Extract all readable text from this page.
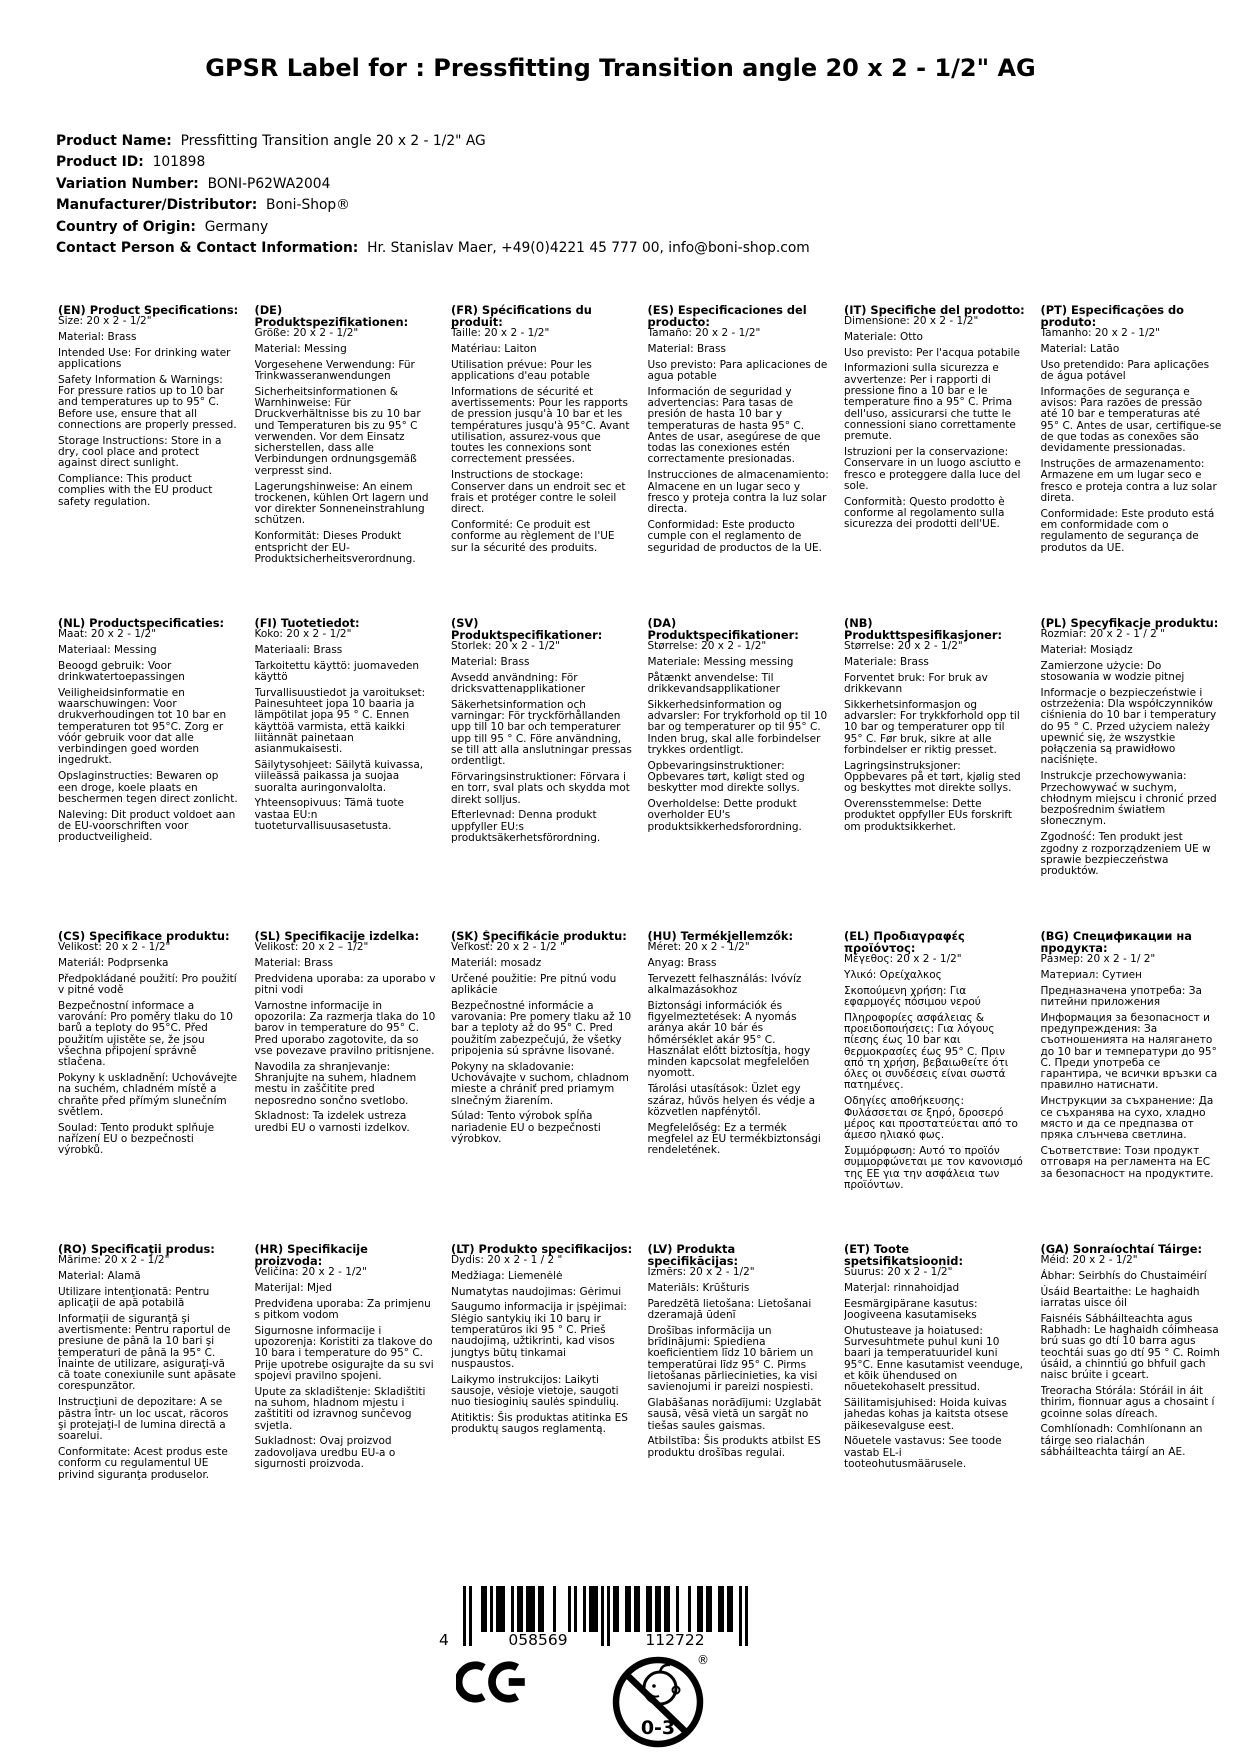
GPSR Label for : Pressfitting Transition angle 20 x 2 - 1/2" AG
Product Name: Pressfitting Transition angle 20 x 2 - 1/2" AG
Product ID: 101898
Variation Number: BONI-P62WA2004
Manufacturer/Distributor: Boni-Shop®
Country of Origin: Germany
Contact Person & Contact Information: Hr. Stanislav Maer, +49(0)4221 45 777 00, info@boni-shop.com
(EN) Product Specifications:

Size: 20 x 2 - 1/2"

Material: Brass

Intended Use: For drinking water applications

Safety Information & Warnings: For pressure ratios up to 10 bar and temperatures up to 95° C. Before use, ensure that all connections are properly pressed.

Storage Instructions: Store in a dry, cool place and protect against direct sunlight.

Compliance: This product complies with the EU product safety regulation.

(DE) Produktspezifikationen:

Größe: 20 x 2 - 1/2"

Material: Messing

Vorgesehene Verwendung: Für Trinkwasseranwendungen

Sicherheitsinformationen & Warnhinweise: Für Druckverhältnisse bis zu 10 bar und Temperaturen bis zu 95° C verwenden. Vor dem Einsatz sicherstellen, dass alle Verbindungen ordnungsgemäß verpresst sind.

Lagerungshinweise: An einem trockenen, kühlen Ort lagern und vor direkter Sonneneinstrahlung schützen.

Konformität: Dieses Produkt entspricht der EU-Produktsicherheitsverordnung.

(FR) Spécifications du produit:

Taille: 20 x 2 - 1/2"

Matériau: Laiton

Utilisation prévue: Pour les applications d'eau potable

Informations de sécurité et avertissements: Pour les rapports de pression jusqu'à 10 bar et les températures jusqu'à 95°C. Avant utilisation, assurez-vous que toutes les connexions sont correctement pressées.

Instructions de stockage: Conserver dans un endroit sec et frais et protéger contre le soleil direct.

Conformité: Ce produit est conforme au règlement de l'UE sur la sécurité des produits.

(ES) Especificaciones del producto:

Tamaño: 20 x 2 - 1/2"

Material: Brass

Uso previsto: Para aplicaciones de agua potable

Información de seguridad y advertencias: Para tasas de presión de hasta 10 bar y temperaturas de hasta 95° C. Antes de usar, asegúrese de que todas las conexiones estén correctamente presionadas.

Instrucciones de almacenamiento: Almacene en un lugar seco y fresco y proteja contra la luz solar directa.

Conformidad: Este producto cumple con el reglamento de seguridad de productos de la UE.

(IT) Specifiche del prodotto:

Dimensione: 20 x 2 - 1/2"

Materiale: Otto

Uso previsto: Per l'acqua potabile

Informazioni sulla sicurezza e avvertenze: Per i rapporti di pressione fino a 10 bar e le temperature fino a 95° C. Prima dell'uso, assicurarsi che tutte le connessioni siano correttamente premute.

Istruzioni per la conservazione: Conservare in un luogo asciutto e fresco e proteggere dalla luce del sole.

Conformità: Questo prodotto è conforme al regolamento sulla sicurezza dei prodotti dell'UE.

(PT) Especificações do produto:

Tamanho: 20 x 2 - 1/2"

Material: Latão

Uso pretendido: Para aplicações de água potável

Informações de segurança e avisos: Para razões de pressão até 10 bar e temperaturas até 95° C. Antes de usar, certifique-se de que todas as conexões são devidamente pressionadas.

Instruções de armazenamento: Armazene em um lugar seco e fresco e proteja contra a luz solar direta.

Conformidade: Este produto está em conformidade com o regulamento de segurança de produtos da UE.

(NL) Productspecificaties:

Maat: 20 x 2 - 1/2"

Materiaal: Messing

Beoogd gebruik: Voor drinkwatertoepassingen

Veiligheidsinformatie en waarschuwingen: Voor drukverhoudingen tot 10 bar en temperaturen tot 95°C. Zorg er vóór gebruik voor dat alle verbindingen goed worden ingedrukt.

Opslaginstructies: Bewaren op een droge, koele plaats en beschermen tegen direct zonlicht.

Naleving: Dit product voldoet aan de EU-voorschriften voor productveiligheid.

(FI) Tuotetiedot:

Koko: 20 x 2 - 1/2"

Materiaali: Brass

Tarkoitettu käyttö: juomaveden käyttö

Turvallisuustiedot ja varoitukset: Painesuhteet jopa 10 baaria ja lämpötilat jopa 95 ° C. Ennen käyttöä varmista, että kaikki liitännät painetaan asianmukaisesti.

Säilytysohjeet: Säilytä kuivassa, viileässä paikassa ja suojaa suoralta auringonvalolta.

Yhteensopivuus: Tämä tuote vastaa EU:n tuoteturvallisuusasetusta.

(SV) Produktspecifikationer:

Storlek: 20 x 2 - 1/2"

Material: Brass

Avsedd användning: För dricksvattenapplikationer

Säkerhetsinformation och varningar: För tryckförhållanden upp till 10 bar och temperaturer upp till 95 ° C. Före användning, se till att alla anslutningar pressas ordentligt.

Förvaringsinstruktioner: Förvara i en torr, sval plats och skydda mot direkt solljus.

Efterlevnad: Denna produkt uppfyller EU:s produktsäkerhetsförordning.

(DA) Produktspecifikationer:

Størrelse: 20 x 2 - 1/2"

Materiale: Messing messing

Påtænkt anvendelse: Til drikkevandsapplikationer

Sikkerhedsinformation og advarsler: For trykforhold op til 10 bar og temperaturer op til 95° C. Inden brug, skal alle forbindelser trykkes ordentligt.

Opbevaringsinstruktioner: Opbevares tørt, køligt sted og beskytter mod direkte sollys.

Overholdelse: Dette produkt overholder EU's produktsikkerhedsforordning.

(NB) Produkttspesifikasjoner:

Størrelse: 20 x 2 - 1/2"

Materiale: Brass

Forventet bruk: For bruk av drikkevann

Sikkerhetsinformasjon og advarsler: For trykkforhold opp til 10 bar og temperaturer opp til 95° C. Før bruk, sikre at alle forbindelser er riktig presset.

Lagringsinstruksjoner: Oppbevares på et tørt, kjølig sted og beskyttes mot direkte sollys.

Overensstemmelse: Dette produktet oppfyller EUs forskrift om produktsikkerhet.

(PL) Specyfikacje produktu:

Rozmiar: 20 x 2 - 1 / 2 "

Materiał: Mosiądz

Zamierzone użycie: Do stosowania w wodzie pitnej

Informacje o bezpieczeństwie i ostrzeżenia: Dla współczynników ciśnienia do 10 bar i temperatury do 95 ° C. Przed użyciem należy upewnić się, że wszystkie połączenia są prawidłowo naciśnięte.

Instrukcje przechowywania: Przechowywać w suchym, chłodnym miejscu i chronić przed bezpośrednim światłem słonecznym.

Zgodność: Ten produkt jest zgodny z rozporządzeniem UE w sprawie bezpieczeństwa produktów.

(CS) Specifikace produktu:

Velikost: 20 x 2 - 1/2"

Materiál: Podprsenka

Předpokládané použití: Pro použití v pitné vodě

Bezpečnostní informace a varování: Pro poměry tlaku do 10 barů a teploty do 95°C. Před použitím ujistěte se, že jsou všechna připojení správně stlačena.

Pokyny k uskladnění: Uchovávejte na suchém, chladném místě a chraňte před přímým slunečním světlem.

Soulad: Tento produkt splňuje nařízení EU o bezpečnosti výrobků.

(SL) Specifikacije izdelka:

Velikost: 20 x 2 – 1/2"

Material: Brass

Predvidena uporaba: za uporabo v pitni vodi

Varnostne informacije in opozorila: Za razmerja tlaka do 10 barov in temperature do 95° C. Pred uporabo zagotovite, da so vse povezave pravilno pritisnjene.

Navodila za shranjevanje: Shranjujte na suhem, hladnem mestu in zaščitite pred neposredno sončno svetlobo.

Skladnost: Ta izdelek ustreza uredbi EU o varnosti izdelkov.

(SK) Špecifikácie produktu:

Veľkosť: 20 x 2 - 1/2 "

Materiál: mosadz

Určené použitie: Pre pitnú vodu aplikácie

Bezpečnostné informácie a varovania: Pre pomery tlaku až 10 bar a teploty až do 95° C. Pred použitím zabezpečujú, že všetky pripojenia sú správne lisované.

Pokyny na skladovanie: Uchovávajte v suchom, chladnom mieste a chrániť pred priamym slnečným žiarením.

Súlad: Tento výrobok spĺňa nariadenie EU o bezpečnosti výrobkov.

(HU) Termékjellemzők:

Méret: 20 x 2 - 1/2"

Anyag: Brass

Tervezett felhasználás: Ivóvíz alkalmazásokhoz

Biztonsági információk és figyelmeztetések: A nyomás aránya akár 10 bár és hőmérséklet akár 95° C. Használat előtt biztosítja, hogy minden kapcsolat megfelelően nyomott.

Tárolási utasítások: Üzlet egy száraz, hűvös helyen és védje a közvetlen napfénytől.

Megfelelőség: Ez a termék megfelel az EU termékbiztonsági rendeletének.

(EL) Προδιαγραφές προϊόντος:

Μέγεθος: 20 x 2 - 1/2"

Υλικό: Ορείχαλκος

Σκοπούμενη χρήση: Για εφαρμογές πόσιμου νερού

Πληροφορίες ασφάλειας & προειδοποιήσεις: Για λόγους πίεσης έως 10 bar και θερμοκρασίες έως 95° C. Πριν από τη χρήση, βεβαιωθείτε ότι όλες οι συνδέσεις είναι σωστά πατημένες.

Οδηγίες αποθήκευσης: Φυλάσσεται σε ξηρό, δροσερό μέρος και προστατεύεται από το άμεσο ηλιακό φως.

Συμμόρφωση: Αυτό το προϊόν συμμορφώνεται με τον κανονισμό της ΕΕ για την ασφάλεια των προϊόντων.

(BG) Спецификации на продукта:

Размер: 20 x 2 - 1/ 2"

Материал: Сутиен

Предназначена употреба: За питейни приложения

Информация за безопасност и предупреждения: За съотношенията на налягането до 10 bar и температури до 95° C. Преди употреба се гарантира, че всички връзки са правилно натиснати.

Инструкции за съхранение: Да се съхранява на сухо, хладно място и да се предпазва от пряка слънчева светлина.

Съответствие: Този продукт отговаря на регламента на ЕС за безопасност на продуктите.

(RO) Specificaţii produs:

Mărime: 20 x 2 - 1/2"

Material: Alamă

Utilizare intenţionată: Pentru aplicaţii de apă potabilă

Informaţii de siguranţă şi avertismente: Pentru raportul de presiune de până la 10 bari şi temperaturi de până la 95° C. Înainte de utilizare, asiguraţi-vă că toate conexiunile sunt apăsate corespunzător.

Instrucţiuni de depozitare: A se păstra într- un loc uscat, răcoros şi protejaţi-l de lumina directă a soarelui.

Conformitate: Acest produs este conform cu regulamentul UE privind siguranţa produselor.

(HR) Specifikacije proizvoda:

Veličina: 20 x 2 - 1/2"

Materijal: Mjed

Predviđena uporaba: Za primjenu s pitkom vodom

Sigurnosne informacije i upozorenja: Koristiti za tlakove do 10 bara i temperature do 95° C. Prije upotrebe osigurajte da su svi spojevi pravilno spojeni.

Upute za skladištenje: Skladištiti na suhom, hladnom mjestu i zaštititi od izravnog sunčevog svjetla.

Sukladnost: Ovaj proizvod zadovoljava uredbu EU-a o sigurnosti proizvoda.

(LT) Produkto specifikacijos:

Dydis: 20 x 2 - 1 / 2 "

Medžiaga: Liemenėlė

Numatytas naudojimas: Gėrimui

Saugumo informacija ir įspėjimai: Slėgio santykių iki 10 barų ir temperatūros iki 95 ° C. Prieš naudojimą, užtikrinti, kad visos jungtys būtų tinkamai nuspaustos.

Laikymo instrukcijos: Laikyti sausoje, vėsioje vietoje, saugoti nuo tiesioginių saulės spindulių.

Atitiktis: Šis produktas atitinka ES produktų saugos reglamentą.

(LV) Produkta specifikācijas:

Izmērs: 20 x 2 - 1/2"

Materiāls: Krūšturis

Paredzētā lietošana: Lietošanai dzeramajā ūdenī

Drošības informācija un brīdinājumi: Spiediena koeficientiem līdz 10 bāriem un temperatūrai līdz 95° C. Pirms lietošanas pārliecinieties, ka visi savienojumi ir pareizi nospiesti.

Glabāšanas norādījumi: Uzglabāt sausā, vēsā vietā un sargāt no tiešas saules gaismas.

Atbilstība: Šis produkts atbilst ES produktu drošības regulai.

(ET) Toote spetsifikatsioonid:

Suurus: 20 x 2 - 1/2"

Materjal: rinnahoidjad

Eesmärgipärane kasutus: Joogiveena kasutamiseks

Ohutusteave ja hoiatused: Survesuhtmete puhul kuni 10 baari ja temperatuuridel kuni 95°C. Enne kasutamist veenduge, et kõik ühendused on nõuetekohaselt pressitud.

Säilitamisjuhised: Hoida kuivas jahedas kohas ja kaitsta otsese päikesevalguse eest.

Nõuetele vastavus: See toode vastab EL-i tooteohutusmäärusele.

(GA) Sonraíochtaí Táirge:

Méid: 20 x 2 - 1/2"

Ábhar: Seirbhís do Chustaiméirí

Úsáid Beartaithe: Le haghaidh iarratas uisce óil

Faisnéis Sábháilteachta agus Rabhadh: Le haghaidh cóimheasa brú suas go dtí 10 barra agus teochtái suas go dtí 95 ° C. Roimh úsáid, a chinntiú go bhfuil gach naisc brúite i gceart.

Treoracha Stórála: Stóráil in áit thirim, fionnuar agus a chosaint í gcoinne solas díreach.

Comhlíonadh: Comhlíonann an táirge seo rialachán sábháilteachta táirgí an AE.

4	058569	112722
0-3
®
